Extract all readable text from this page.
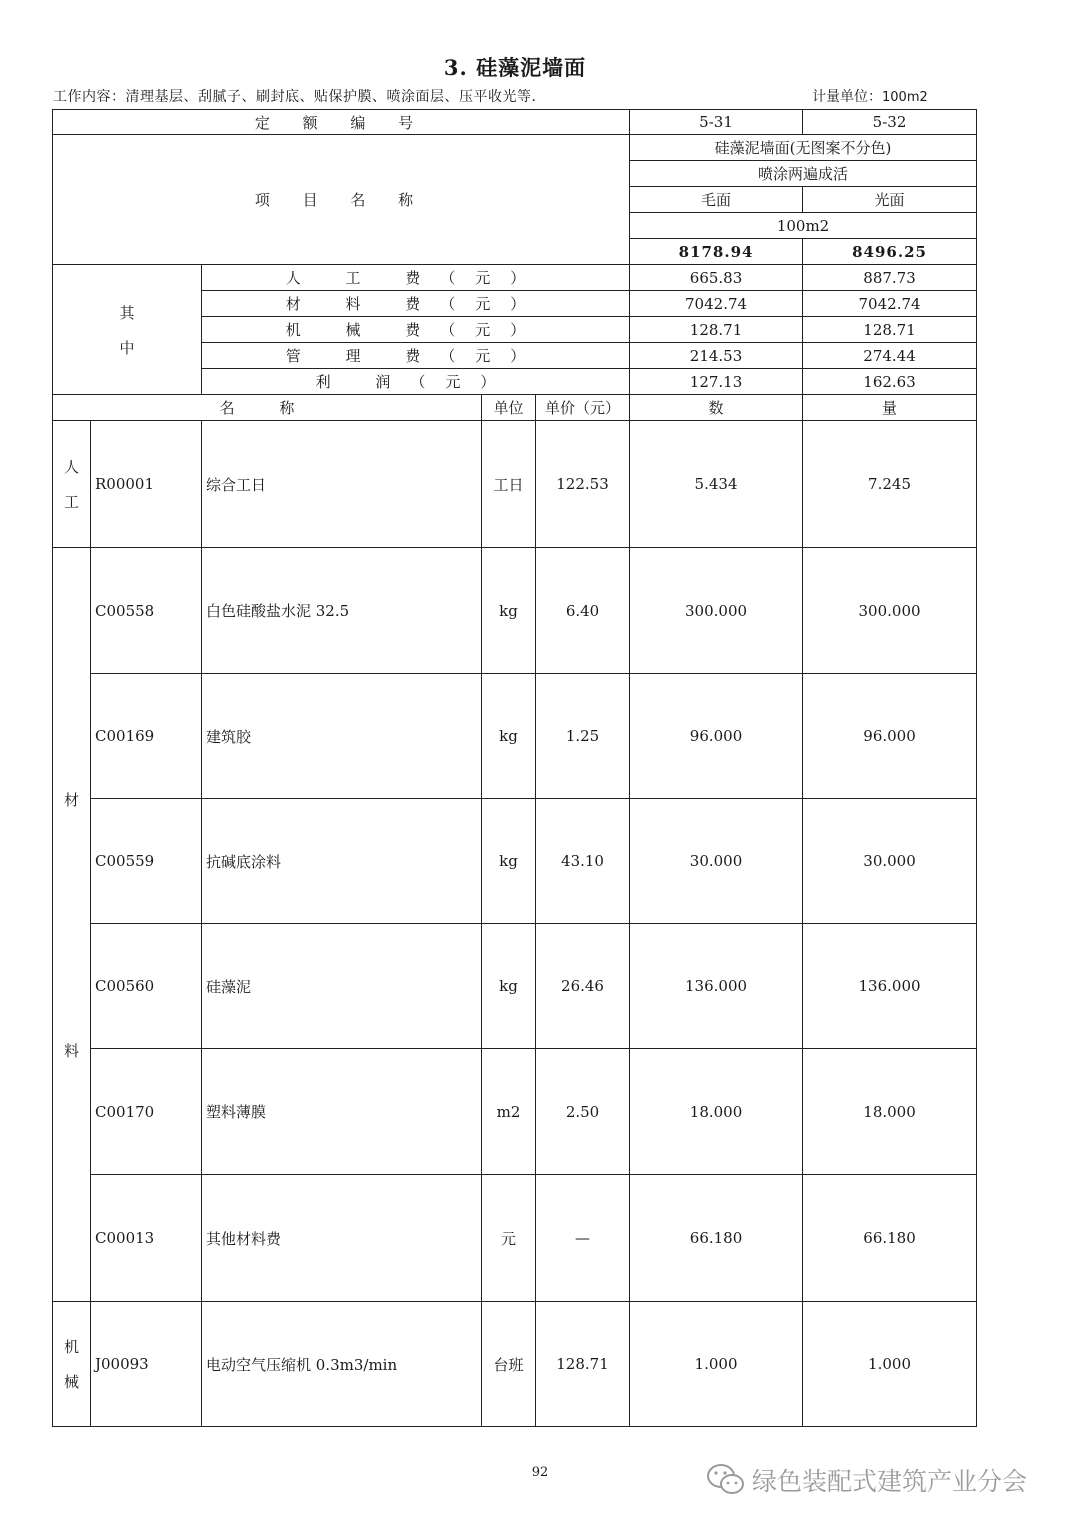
3. 硅藻泥墙面
工作内容：清理基层、刮腻子、刷封底、贴保护膜、喷涂面层、压平收光等.	计量单位：100m2
定 额 编 号					5-31	5-32
项 目 名 称					硅藻泥墙面(无图案不分色)	
					喷涂两遍成活	
					毛面	光面
					100m2	
					8178.94	8496.25

其
中		人 工 费（元）			665.83	887.73
		材 料 费（元）			7042.74	7042.74
		机 械 费（元）			128.71	128.71
		管 理 费（元）			214.53	274.44
		利 润（元）			127.13	162.63
名 称			单位	单价（元）	数	量

人
工	R00001	综合工日	工日	122.53	5.434	7.245

材
料	C00558	白色硅酸盐水泥 32.5	kg	6.40	300.000	300.000
	C00169	建筑胶	kg	1.25	96.000	96.000
	C00559	抗碱底涂料	kg	43.10	30.000	30.000
	C00560	硅藻泥	kg	26.46	136.000	136.000
	C00170	塑料薄膜	m2	2.50	18.000	18.000
	C00013	其他材料费	元	—	66.180	66.180

机
械	J00093	电动空气压缩机 0.3m3/min	台班	128.71	1.000	1.000
92	绿色装配式建筑产业分会
